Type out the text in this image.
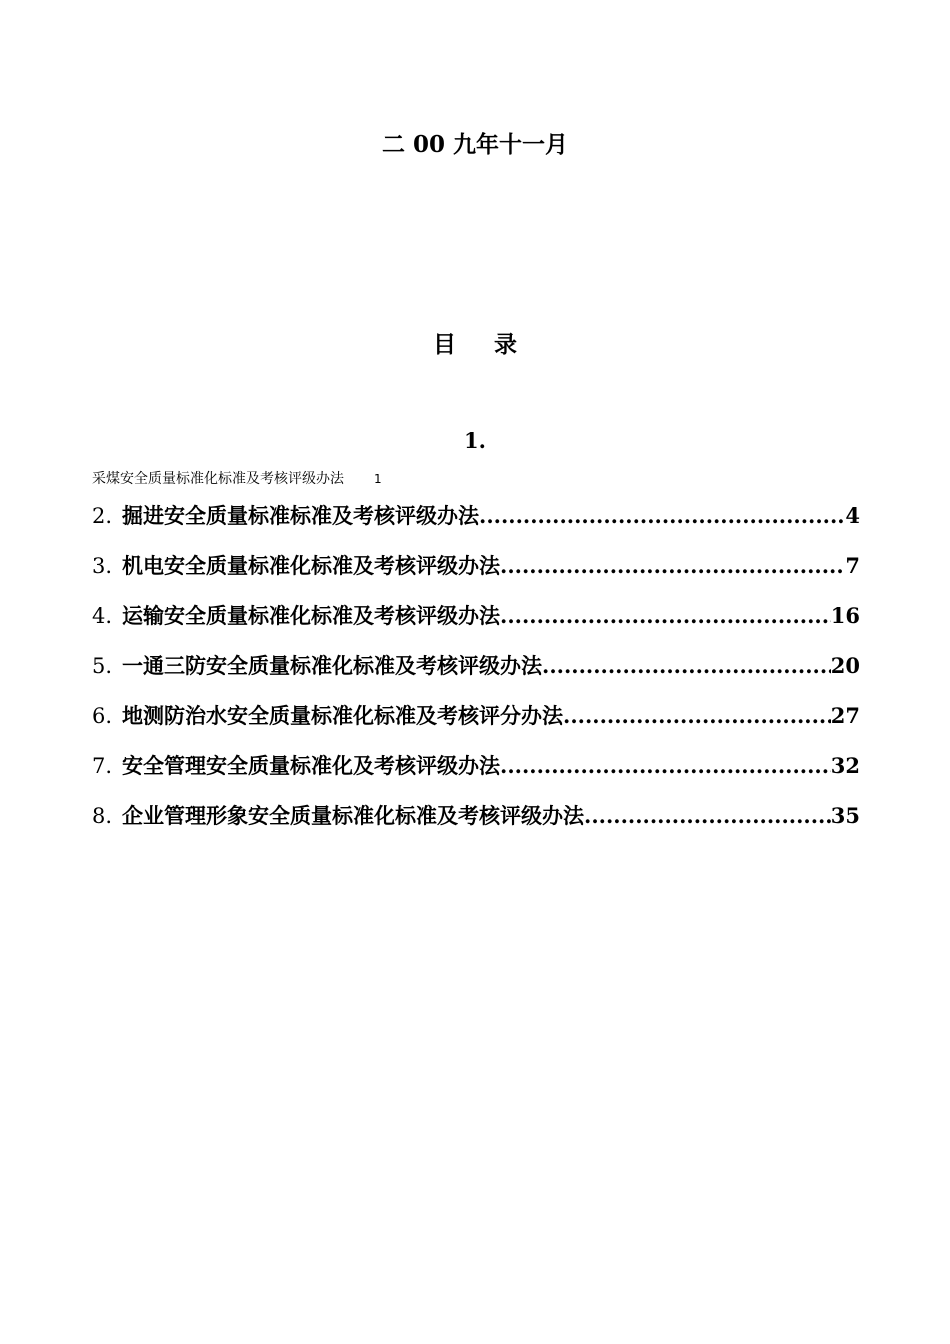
二 00 九年十一月
目 录
1.
采煤安全质量标准化标准及考核评级办法	1
2. 掘进安全质量标准标准及考核评级办法 .....	4
3. 机电安全质量标准化标准及考核评级办法 .....	7
4. 运输安全质量标准化标准及考核评级办法 .....	16
5. 一通三防安全质量标准化标准及考核评级办法 .....	20
6. 地测防治水安全质量标准化标准及考核评分办法 .....	27
7. 安全管理安全质量标准化及考核评级办法 .....	32
8. 企业管理形象安全质量标准化标准及考核评级办法 .....	35
